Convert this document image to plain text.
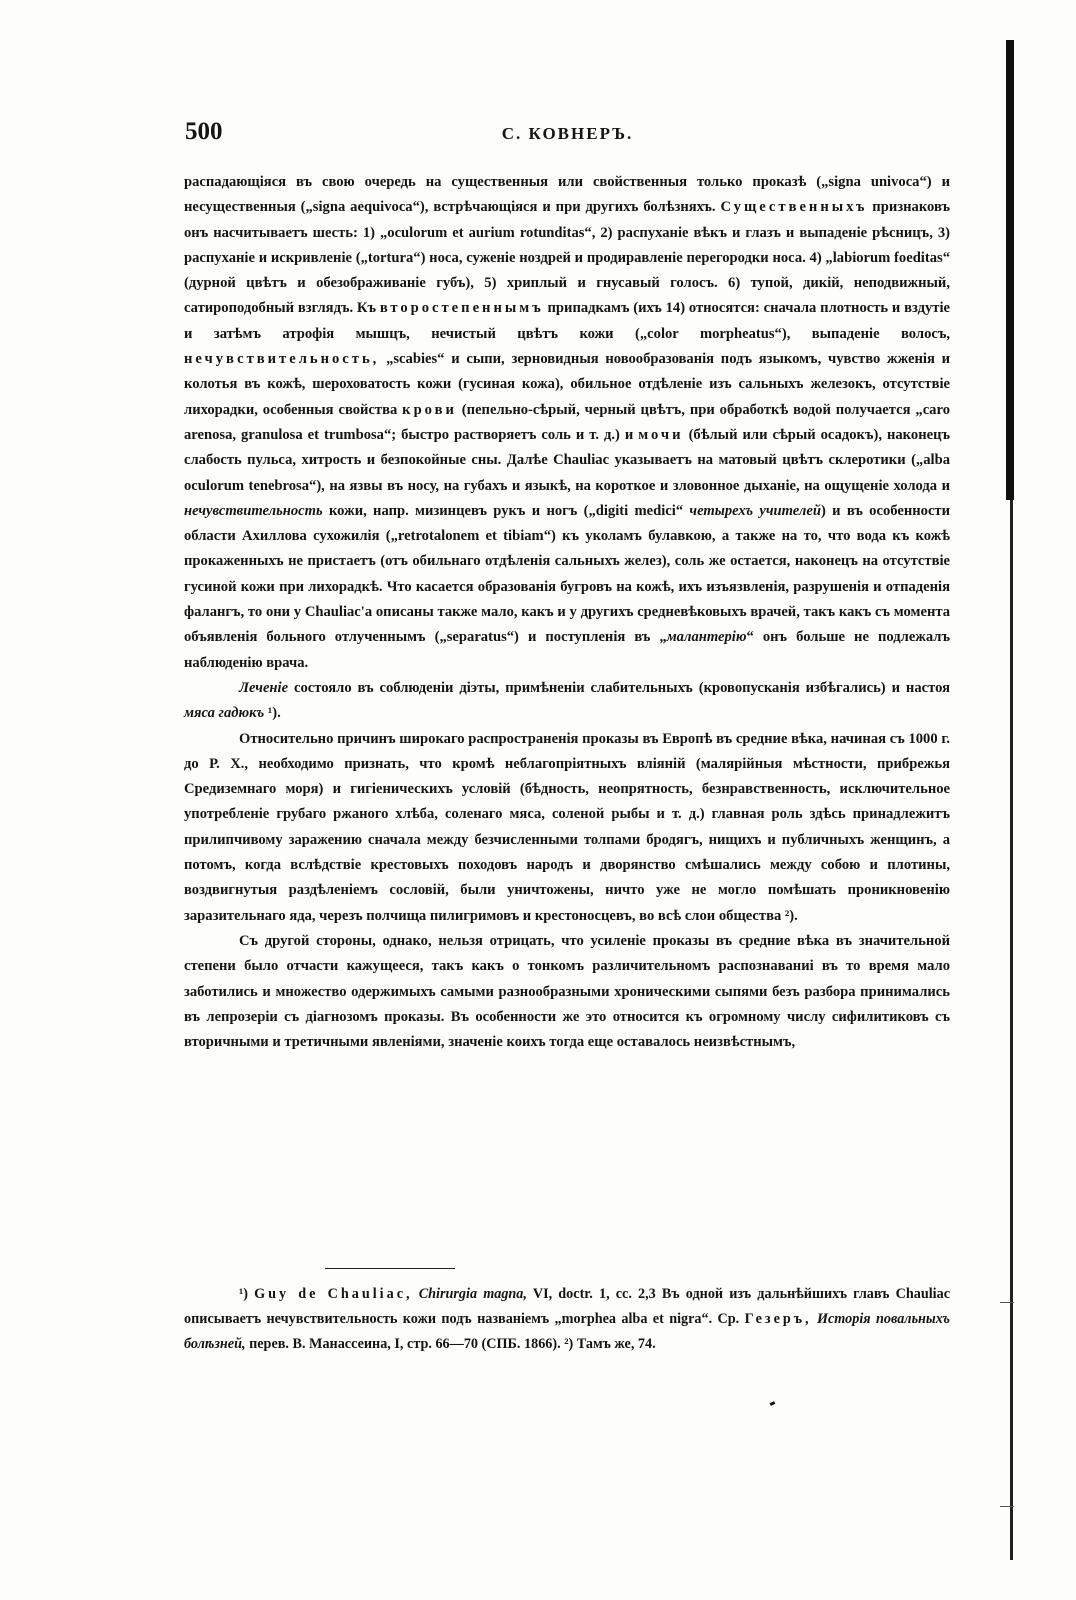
500	С. КОВНЕРЪ.

распадающiяся въ свою очередь на существенныя или свойственныя только проказѣ („signa univoca“) и несущественныя („signa aequivoca“), встрѣчающiяся и при другихъ болѣзняхъ. Существенныхъ признаковъ онъ насчитываетъ шесть: 1) „oculorum et aurium rotunditas“, 2) распуханiе вѣкъ и глазъ и выпаденiе рѣсницъ, 3) распуханiе и искривленiе („tortura“) носа, суженiе ноздрей и продиравленiе перегородки носа. 4) „labiorum foeditas“ (дурной цвѣтъ и обезображиванiе губъ), 5) хриплый и гнусавый голосъ. 6) тупой, дикiй, неподвижный, сатироподобный взглядъ. Къ второстепеннымъ припадкамъ (ихъ 14) относятся: сначала плотность и вздутiе и затѣмъ атрофiя мышцъ, нечистый цвѣтъ кожи („color morpheatus“), выпаденiе волосъ, нечувствительность, „scabies“ и сыпи, зерновидныя новообразованiя подъ языкомъ, чувство жженiя и колотья въ кожѣ, шероховатость кожи (гусиная кожа), обильное отдѣленiе изъ сальныхъ железокъ, отсутствiе лихорадки, особенныя свойства крови (пепельно-сѣрый, черный цвѣтъ, при обработкѣ водой получается „caro arenosa, granulosa et trumbosa“; быстро растворяетъ соль и т. д.) и мочи (бѣлый или сѣрый осадокъ), наконецъ слабость пульса, хитрость и безпокойные сны. Далѣе Chauliac указываетъ на матовый цвѣтъ склеротики („alba oculorum tenebrosa“), на язвы въ носу, на губахъ и языкѣ, на короткое и зловонное дыханiе, на ощущенiе холода и нечувствительность кожи, напр. мизинцевъ рукъ и ногъ („digiti medici“ четырехъ учителей) и въ особенности области Ахиллова сухожилiя („retrotalonem et tibiam“) къ уколамъ булавкою, а также на то, что вода къ кожѣ прокаженныхъ не пристаетъ (отъ обильнаго отдѣленiя сальныхъ желез), соль же остается, наконецъ на отсутствiе гусиной кожи при лихорадкѣ. Что касается образованiя бугровъ на кожѣ, ихъ изъязвленiя, разрушенiя и отпаденiя фалангъ, то они у Chauliac'а описаны также мало, какъ и у другихъ средневѣковыхъ врачей, такъ какъ съ момента объявленiя больного отлученнымъ („separatus“) и поступленiя въ „малантерiю“ онъ больше не подлежалъ наблюденiю врача.

Леченiе состояло въ соблюденiи дiэты, примѣненiи слабительныхъ (кровопусканiя избѣгались) и настоя мяса гадюкъ ¹).

Относительно причинъ широкаго распространенiя проказы въ Европѣ въ средние вѣка, начиная съ 1000 г. до Р. Х., необходимо признать, что кромѣ неблагопрiятныхъ влiянiй (малярiйныя мѣстности, прибрежья Средиземнаго моря) и гигiеническихъ условiй (бѣдность, неопрятность, безнравственность, исключительное употребленiе грубаго ржаного хлѣба, соленаго мяса, соленой рыбы и т. д.) главная роль здѣсь принадлежитъ прилипчивому заражению сначала между безчисленными толпами бродягъ, нищихъ и публичныхъ женщинъ, а потомъ, когда вслѣдствiе крестовыхъ походовъ народъ и дворянство смѣшались между собою и плотины, воздвигнутыя раздѣленiемъ сословiй, были уничтожены, ничто уже не могло помѣшать проникновенiю заразительнаго яда, черезъ полчища пилигримовъ и крестоносцевъ, во всѣ слои общества ²).

Съ другой стороны, однако, нельзя отрицать, что усиленiе проказы въ средние вѣка въ значительной степени было отчасти кажущееся, такъ какъ о тонкомъ различительномъ распознаваниi въ то время мало заботились и множество одержимыхъ самыми разнообразными хроническими сыпями безъ разбора принимались въ лепрозерiи съ дiагнозомъ проказы. Въ особенности же это относится къ огромному числу сифилитиковъ съ вторичными и третичными явленiями, значенiе коихъ тогда еще оставалось неизвѣстнымъ,

¹) Guy de Chauliac, Chirurgia magna, VI, doctr. 1, cc. 2,3 Въ одной изъ дальнѣйшихъ главъ Chauliac описываетъ нечувствительность кожи подъ названiемъ „morphea albа et nigra“. Ср. Гезеръ, Исторiя повальныхъ болѣзней, перев. В. Манассеина, I, стр. 66—70 (СПБ. 1866). ²) Тамъ же, 74.
